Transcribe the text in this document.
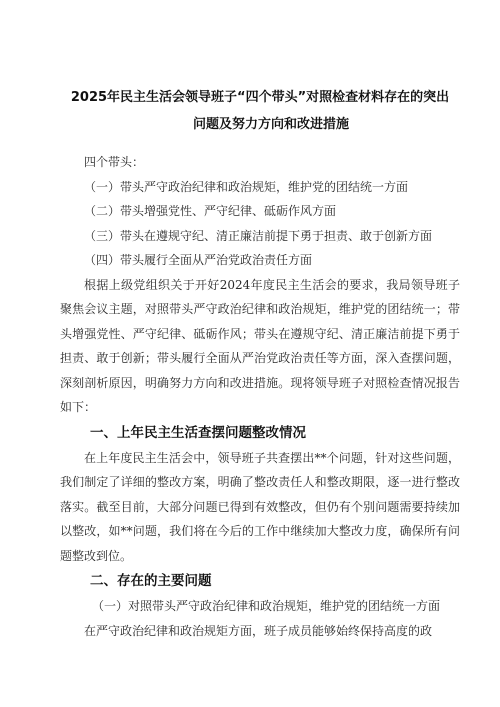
2025年民主生活会领导班子“四个带头”对照检查材料存在的突出
问题及努力方向和改进措施

四个带头：

（一）带头严守政治纪律和政治规矩，维护党的团结统一方面

（二）带头增强党性、严守纪律、砥砺作风方面

（三）带头在遵规守纪、清正廉洁前提下勇于担责、敢于创新方面

（四）带头履行全面从严治党政治责任方面

根据上级党组织关于开好2024年度民主生活会的要求，我局领导班子聚焦会议主题，对照带头严守政治纪律和政治规矩，维护党的团结统一；带头增强党性、严守纪律、砥砺作风；带头在遵规守纪、清正廉洁前提下勇于担责、敢于创新；带头履行全面从严治党政治责任等方面，深入查摆问题，深刻剖析原因，明确努力方向和改进措施。现将领导班子对照检查情况报告如下：

一、上年民主生活查摆问题整改情况

在上年度民主生活会中，领导班子共查摆出**个问题，针对这些问题，我们制定了详细的整改方案，明确了整改责任人和整改期限，逐一进行整改落实。截至目前，大部分问题已得到有效整改，但仍有个别问题需要持续加以整改，如**问题，我们将在今后的工作中继续加大整改力度，确保所有问题整改到位。

二、存在的主要问题

（一）对照带头严守政治纪律和政治规矩，维护党的团结统一方面

在严守政治纪律和政治规矩方面，班子成员能够始终保持高度的政
